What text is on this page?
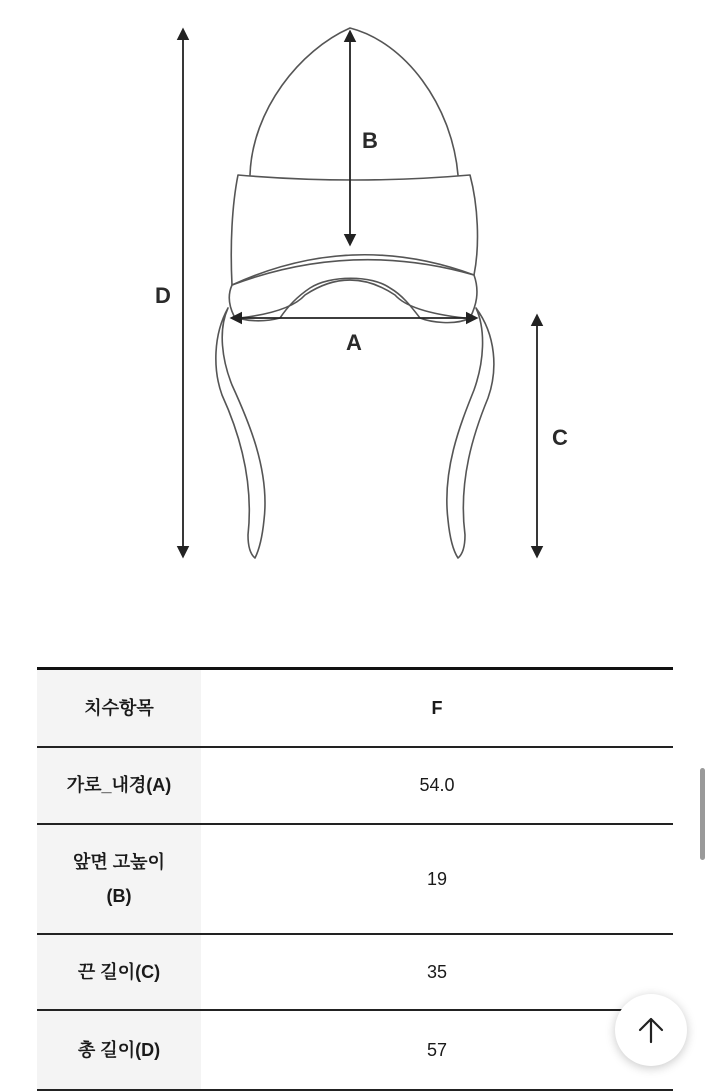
D
B
A
C
치수항목	F
가로_내경(A)	54.0
앞면 고높이
(B)	19
끈 길이(C)	35
총 길이(D)	57
